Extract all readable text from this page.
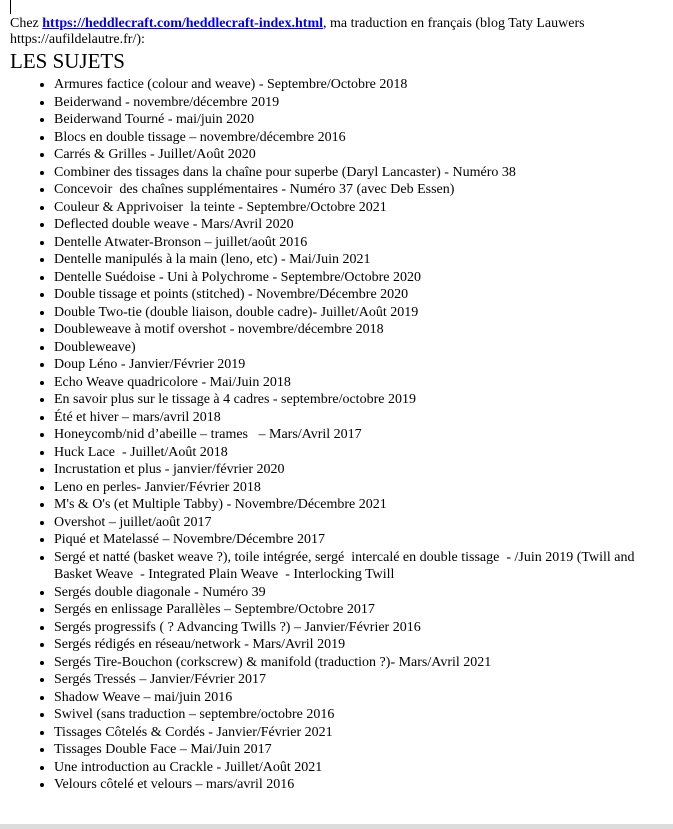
Chez https://heddlecraft.com/heddlecraft-index.html, ma traduction en français (blog Taty Lauwers https://aufildelautre.fr/):

LES SUJETS
• Armures factice (colour and weave) - Septembre/Octobre 2018
• Beiderwand - novembre/décembre 2019
• Beiderwand Tourné - mai/juin 2020
• Blocs en double tissage – novembre/décembre 2016
• Carrés & Grilles - Juillet/Août 2020
• Combiner des tissages dans la chaîne pour superbe (Daryl Lancaster) - Numéro 38
• Concevoir  des chaînes supplémentaires - Numéro 37 (avec Deb Essen)
• Couleur & Apprivoiser  la teinte - Septembre/Octobre 2021
• Deflected double weave - Mars/Avril 2020
• Dentelle Atwater-Bronson – juillet/août 2016
• Dentelle manipulés à la main (leno, etc) - Mai/Juin 2021
• Dentelle Suédoise - Uni à Polychrome - Septembre/Octobre 2020
• Double tissage et points (stitched) - Novembre/Décembre 2020
• Double Two-tie (double liaison, double cadre)- Juillet/Août 2019
• Doubleweave à motif overshot - novembre/décembre 2018
• Doubleweave)
• Doup Léno - Janvier/Février 2019
• Echo Weave quadricolore - Mai/Juin 2018
• En savoir plus sur le tissage à 4 cadres - septembre/octobre 2019
• Été et hiver – mars/avril 2018
• Honeycomb/nid d’abeille – trames   – Mars/Avril 2017
• Huck Lace  - Juillet/Août 2018
• Incrustation et plus - janvier/février 2020
• Leno en perles- Janvier/Février 2018
• M's & O's (et Multiple Tabby) - Novembre/Décembre 2021
• Overshot – juillet/août 2017
• Piqué et Matelassé – Novembre/Décembre 2017
• Sergé et natté (basket weave ?), toile intégrée, sergé  intercalé en double tissage  - /Juin 2019 (Twill and Basket Weave  - Integrated Plain Weave  - Interlocking Twill
• Sergés double diagonale - Numéro 39
• Sergés en enlissage Parallèles – Septembre/Octobre 2017
• Sergés progressifs ( ? Advancing Twills ?) – Janvier/Février 2016
• Sergés rédigés en réseau/network - Mars/Avril 2019
• Sergés Tire-Bouchon (corkscrew) & manifold (traduction ?)- Mars/Avril 2021
• Sergés Tressés – Janvier/Février 2017
• Shadow Weave – mai/juin 2016
• Swivel (sans traduction – septembre/octobre 2016
• Tissages Côtelés & Cordés - Janvier/Février 2021
• Tissages Double Face – Mai/Juin 2017
• Une introduction au Crackle - Juillet/Août 2021
• Velours côtelé et velours – mars/avril 2016
